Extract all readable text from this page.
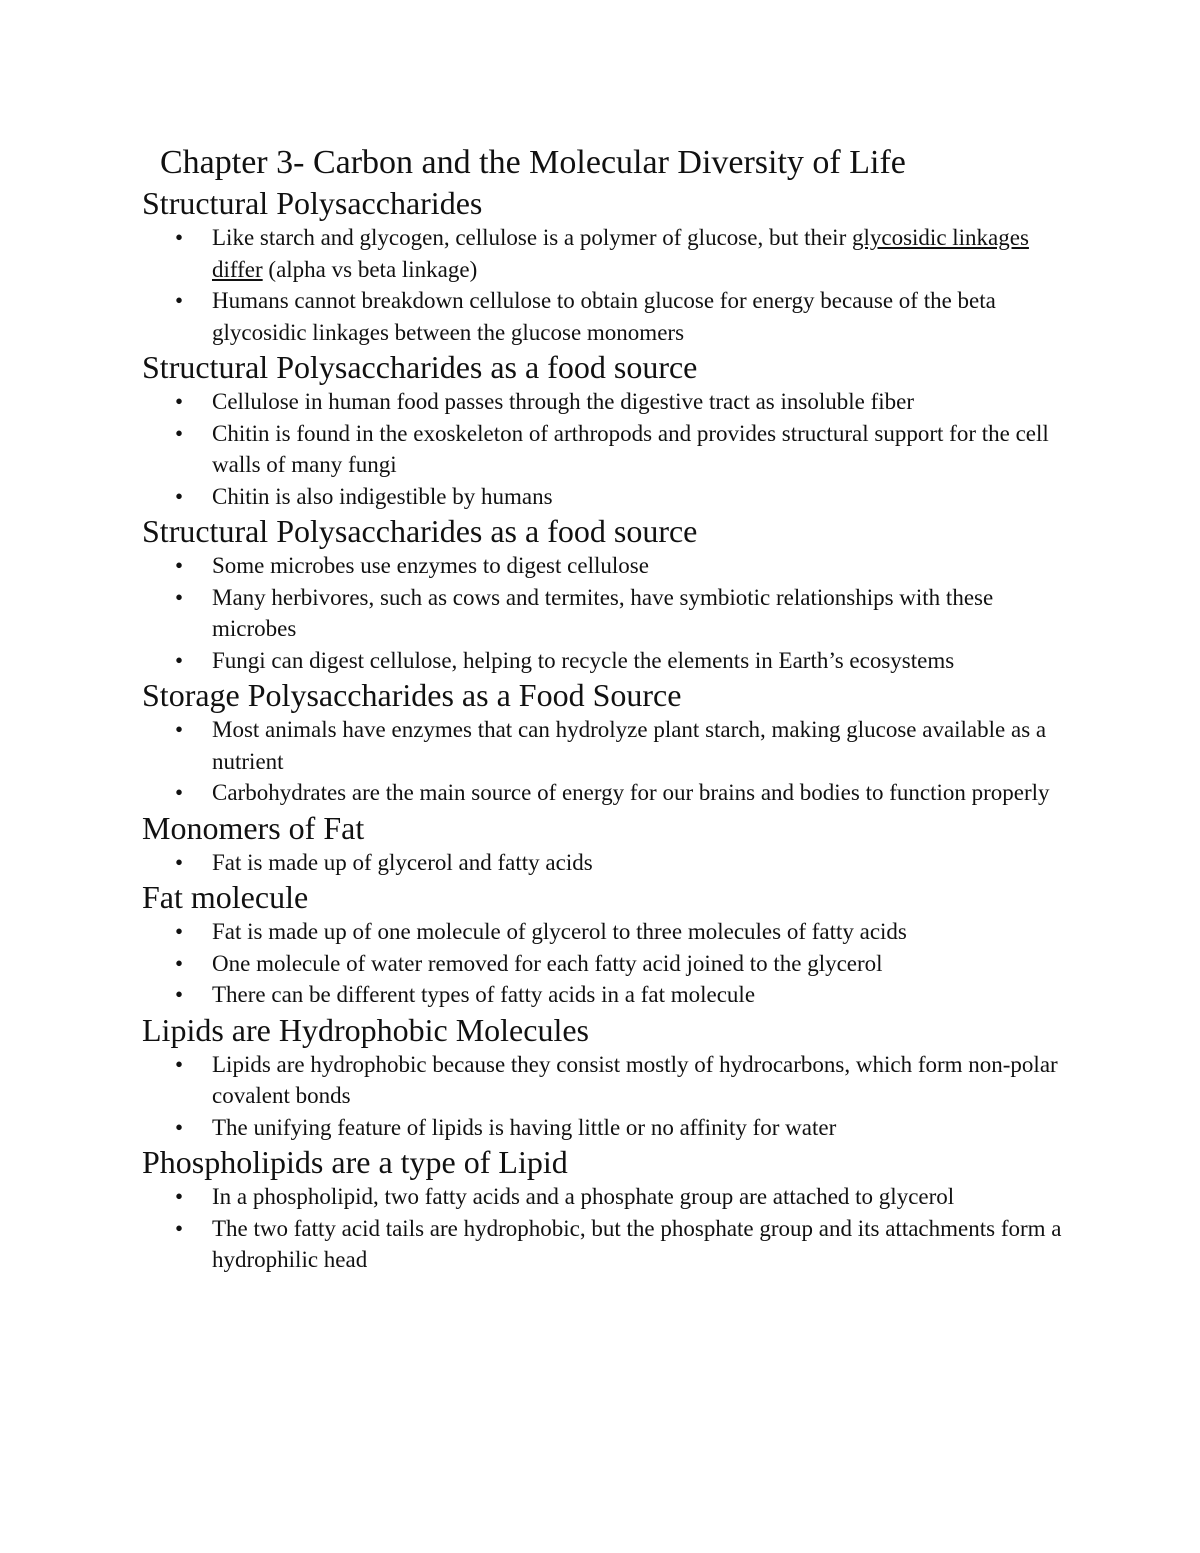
Chapter 3- Carbon and the Molecular Diversity of Life
Structural Polysaccharides
• Like starch and glycogen, cellulose is a polymer of glucose, but their glycosidic linkages differ (alpha vs beta linkage)
• Humans cannot breakdown cellulose to obtain glucose for energy because of the beta glycosidic linkages between the glucose monomers
Structural Polysaccharides as a food source
• Cellulose in human food passes through the digestive tract as insoluble fiber
• Chitin is found in the exoskeleton of arthropods and provides structural support for the cell walls of many fungi
• Chitin is also indigestible by humans
Structural Polysaccharides as a food source
• Some microbes use enzymes to digest cellulose
• Many herbivores, such as cows and termites, have symbiotic relationships with these microbes
• Fungi can digest cellulose, helping to recycle the elements in Earth’s ecosystems
Storage Polysaccharides as a Food Source
• Most animals have enzymes that can hydrolyze plant starch, making glucose available as a nutrient
• Carbohydrates are the main source of energy for our brains and bodies to function properly
Monomers of Fat
• Fat is made up of glycerol and fatty acids
Fat molecule
• Fat is made up of one molecule of glycerol to three molecules of fatty acids
• One molecule of water removed for each fatty acid joined to the glycerol
• There can be different types of fatty acids in a fat molecule
Lipids are Hydrophobic Molecules
• Lipids are hydrophobic because they consist mostly of hydrocarbons, which form non-polar covalent bonds
• The unifying feature of lipids is having little or no affinity for water
Phospholipids are a type of Lipid
• In a phospholipid, two fatty acids and a phosphate group are attached to glycerol
• The two fatty acid tails are hydrophobic, but the phosphate group and its attachments form a hydrophilic head
